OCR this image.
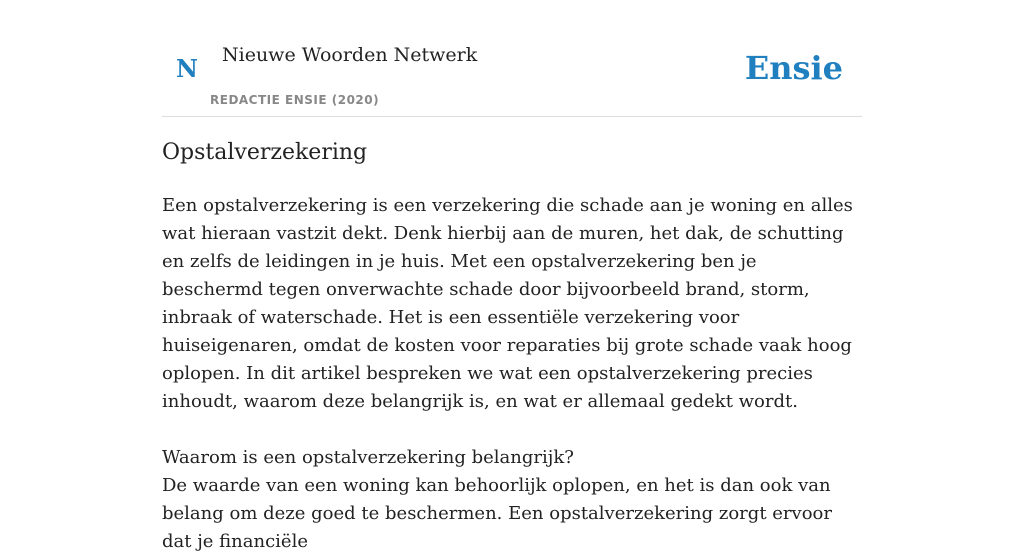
N Nieuwe Woorden Netwerk
REDACTIE ENSIE (2020)
Ensie
Opstalverzekering

Een opstalverzekering is een verzekering die schade aan je woning en alles wat hieraan vastzit dekt. Denk hierbij aan de muren, het dak, de schutting en zelfs de leidingen in je huis. Met een opstalverzekering ben je beschermd tegen onverwachte schade door bijvoorbeeld brand, storm, inbraak of waterschade. Het is een essentiële verzekering voor huiseigenaren, omdat de kosten voor reparaties bij grote schade vaak hoog oplopen. In dit artikel bespreken we wat een opstalverzekering precies inhoudt, waarom deze belangrijk is, en wat er allemaal gedekt wordt.

Waarom is een opstalverzekering belangrijk?

De waarde van een woning kan behoorlijk oplopen, en het is dan ook van belang om deze goed te beschermen. Een opstalverzekering zorgt ervoor dat je financiële
